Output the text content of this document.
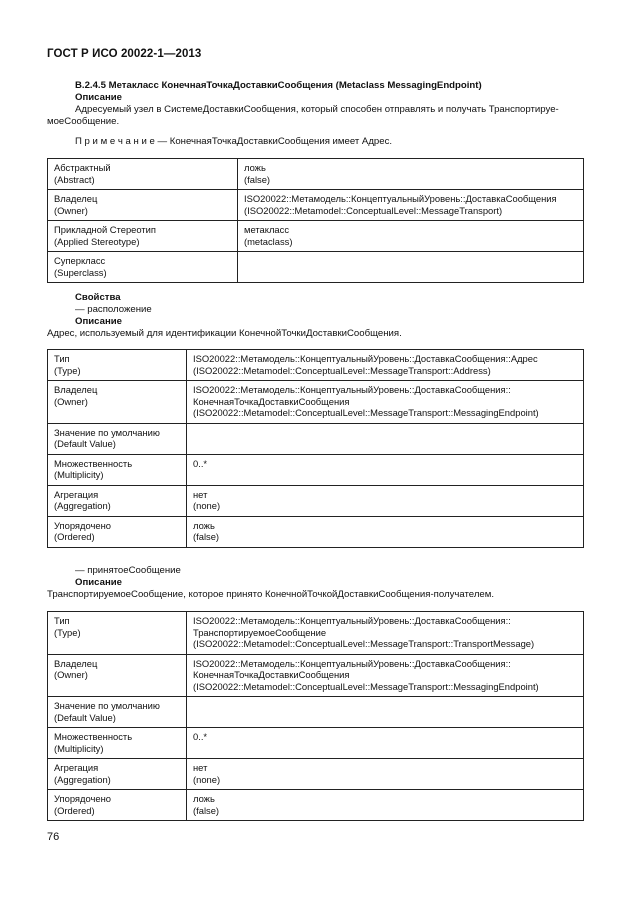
ГОСТ Р ИСО 20022-1—2013
B.2.4.5 Метакласс КонечнаяТочкаДоставкиСообщения (Metaclass MessagingEndpoint)
Описание
Адресуемый узел в СистемеДоставкиСообщения, который способен отправлять и получать Транспортируе-
моеСообщение.
П р и м е ч а н и е — КонечнаяТочкаДоставкиСообщения имеет Адрес.
Абстрактный
(Abstract)	ложь
(false)

Владелец
(Owner)	ISO20022::Метамодель::КонцептуальныйУровень::ДоставкаСообщения
(ISO20022::Metamodel::ConceptualLevel::MessageTransport)

Прикладной Стереотип
(Applied Stereotype)	метакласс
(metaclass)

Суперкласс
(Superclass)	

Свойства
— расположение
Описание
Адрес, используемый для идентификации КонечнойТочкиДоставкиСообщения.
Тип
(Type)	ISO20022::Метамодель::КонцептуальныйУровень::ДоставкаСообщения::Адрес
(ISO20022::Metamodel::ConceptualLevel::MessageTransport::Address)

Владелец
(Owner)	ISO20022::Метамодель::КонцептуальныйУровень::ДоставкаСообщения::
КонечнаяТочкаДоставкиСообщения
(ISO20022::Metamodel::ConceptualLevel::MessageTransport::MessagingEndpoint)

Значение по умолчанию
(Default Value)	

Множественность
(Multiplicity)	0..*

Агрегация
(Aggregation)	нет
(none)

Упорядочено
(Ordered)	ложь
(false)
— принятоеСообщение
Описание
ТранспортируемоеСообщение, которое принято КонечнойТочкойДоставкиСообщения-получателем.
Тип
(Type)	ISO20022::Метамодель::КонцептуальныйУровень::ДоставкаСообщения::
ТранспортируемоеСообщение
(ISO20022::Metamodel::ConceptualLevel::MessageTransport::TransportMessage)

Владелец
(Owner)	ISO20022::Метамодель::КонцептуальныйУровень::ДоставкаСообщения::
КонечнаяТочкаДоставкиСообщения
(ISO20022::Metamodel::ConceptualLevel::MessageTransport::MessagingEndpoint)

Значение по умолчанию
(Default Value)	

Множественность
(Multiplicity)	0..*

Агрегация
(Aggregation)	нет
(none)

Упорядочено
(Ordered)	ложь
(false)
76
